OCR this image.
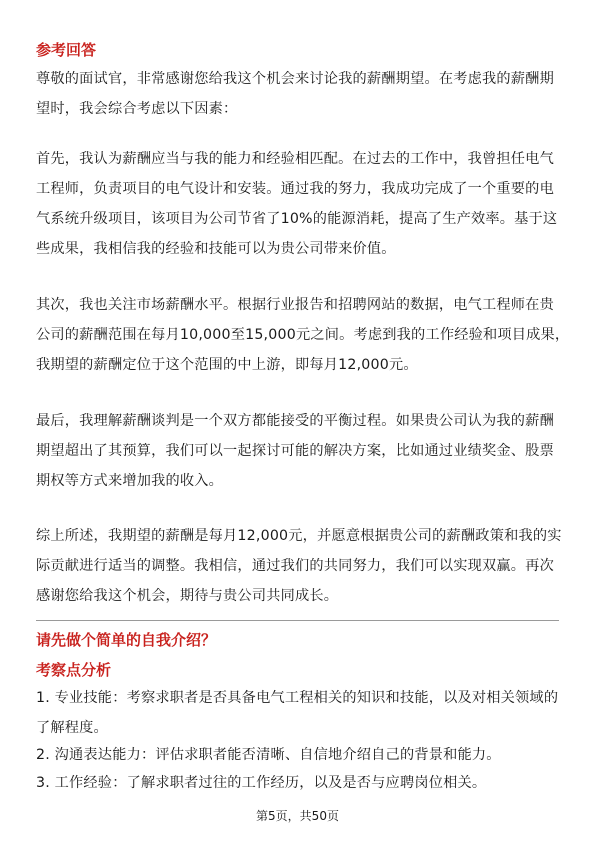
参考回答

尊敬的面试官，非常感谢您给我这个机会来讨论我的薪酬期望。在考虑我的薪酬期
望时，我会综合考虑以下因素：

首先，我认为薪酬应当与我的能力和经验相匹配。在过去的工作中，我曾担任电气
工程师，负责项目的电气设计和安装。通过我的努力，我成功完成了一个重要的电
气系统升级项目，该项目为公司节省了10%的能源消耗，提高了生产效率。基于这
些成果，我相信我的经验和技能可以为贵公司带来价值。

其次，我也关注市场薪酬水平。根据行业报告和招聘网站的数据，电气工程师在贵
公司的薪酬范围在每月10,000至15,000元之间。考虑到我的工作经验和项目成果，
我期望的薪酬定位于这个范围的中上游，即每月12,000元。

最后，我理解薪酬谈判是一个双方都能接受的平衡过程。如果贵公司认为我的薪酬
期望超出了其预算，我们可以一起探讨可能的解决方案，比如通过业绩奖金、股票
期权等方式来增加我的收入。

综上所述，我期望的薪酬是每月12,000元，并愿意根据贵公司的薪酬政策和我的实
际贡献进行适当的调整。我相信，通过我们的共同努力，我们可以实现双赢。再次
感谢您给我这个机会，期待与贵公司共同成长。

请先做个简单的自我介绍？
考察点分析

1. 专业技能：考察求职者是否具备电气工程相关的知识和技能，以及对相关领域的
了解程度。

2. 沟通表达能力：评估求职者能否清晰、自信地介绍自己的背景和能力。

3. 工作经验：了解求职者过往的工作经历，以及是否与应聘岗位相关。

第5页，共50页
